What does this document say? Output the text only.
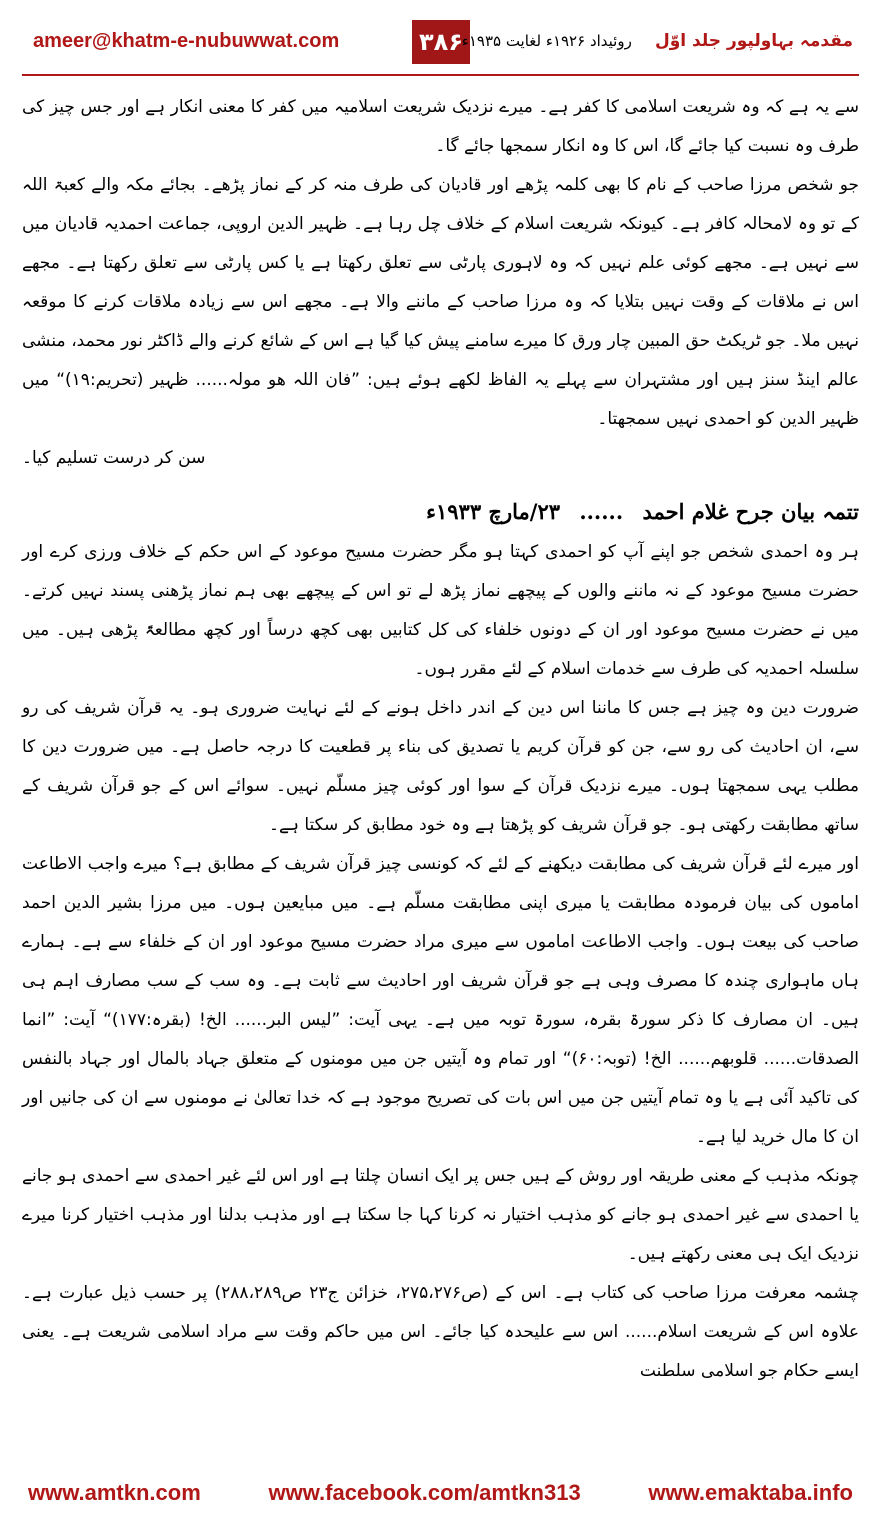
ameer@khatm-e-nubuwwat.com	۳۸۶	مقدمہ بہاولپور جلد اوّل روئیداد ۱۹۲۶ء لغایت ۱۹۳۵ء

سے یہ ہے کہ وہ شریعت اسلامی کا کفر ہے۔ میرے نزدیک شریعت اسلامیہ میں کفر کا معنی انکار ہے اور جس چیز کی طرف وہ نسبت کیا جائے گا، اس کا وہ انکار سمجھا جائے گا۔

جو شخص مرزا صاحب کے نام کا بھی کلمہ پڑھے اور قادیان کی طرف منہ کر کے نماز پڑھے۔ بجائے مکہ والے کعبۃ اللہ کے تو وہ لامحالہ کافر ہے۔ کیونکہ شریعت اسلام کے خلاف چل رہا ہے۔ ظہیر الدین اروپی، جماعت احمدیہ قادیان میں سے نہیں ہے۔ مجھے کوئی علم نہیں کہ وہ لاہوری پارٹی سے تعلق رکھتا ہے یا کس پارٹی سے تعلق رکھتا ہے۔ مجھے اس نے ملاقات کے وقت نہیں بتلایا کہ وہ مرزا صاحب کے ماننے والا ہے۔ مجھے اس سے زیادہ ملاقات کرنے کا موقعہ نہیں ملا۔ جو ٹریکٹ حق المبین چار ورق کا میرے سامنے پیش کیا گیا ہے اس کے شائع کرنے والے ڈاکٹر نور محمد، منشی عالم اینڈ سنز ہیں اور مشتہران سے پہلے یہ الفاظ لکھے ہوئے ہیں: ”فان اللہ ھو مولہ...... ظہیر (تحریم:۱۹)“ میں ظہیر الدین کو احمدی نہیں سمجھتا۔

سن کر درست تسلیم کیا۔
تتمہ بیان جرح غلام احمد ...... ۲۳/مارچ ۱۹۳۳ء

ہر وہ احمدی شخص جو اپنے آپ کو احمدی کہتا ہو مگر حضرت مسیح موعود کے اس حکم کے خلاف ورزی کرے اور حضرت مسیح موعود کے نہ ماننے والوں کے پیچھے نماز پڑھ لے تو اس کے پیچھے بھی ہم نماز پڑھنی پسند نہیں کرتے۔ میں نے حضرت مسیح موعود اور ان کے دونوں خلفاء کی کل کتابیں بھی کچھ درساً اور کچھ مطالعۃً پڑھی ہیں۔ میں سلسلہ احمدیہ کی طرف سے خدمات اسلام کے لئے مقرر ہوں۔

ضرورت دین وہ چیز ہے جس کا ماننا اس دین کے اندر داخل ہونے کے لئے نہایت ضروری ہو۔ یہ قرآن شریف کی رو سے، ان احادیث کی رو سے، جن کو قرآن کریم یا تصدیق کی بناء پر قطعیت کا درجہ حاصل ہے۔ میں ضرورت دین کا مطلب یہی سمجھتا ہوں۔ میرے نزدیک قرآن کے سوا اور کوئی چیز مسلّم نہیں۔ سوائے اس کے جو قرآن شریف کے ساتھ مطابقت رکھتی ہو۔ جو قرآن شریف کو پڑھتا ہے وہ خود مطابق کر سکتا ہے۔

اور میرے لئے قرآن شریف کی مطابقت دیکھنے کے لئے کہ کونسی چیز قرآن شریف کے مطابق ہے؟ میرے واجب الاطاعت اماموں کی بیان فرمودہ مطابقت یا میری اپنی مطابقت مسلّم ہے۔ میں مبایعین ہوں۔ میں مرزا بشیر الدین احمد صاحب کی بیعت ہوں۔ واجب الاطاعت اماموں سے میری مراد حضرت مسیح موعود اور ان کے خلفاء سے ہے۔ ہمارے ہاں ماہواری چندہ کا مصرف وہی ہے جو قرآن شریف اور احادیث سے ثابت ہے۔ وہ سب کے سب مصارف اہم ہی ہیں۔ ان مصارف کا ذکر سورۃ بقرہ، سورۃ توبہ میں ہے۔ یہی آیت: ”لیس البر...... الخ! (بقرہ:۱۷۷)“ آیت: ”انما الصدقات...... قلوبھم...... الخ! (توبہ:۶۰)“ اور تمام وہ آیتیں جن میں مومنوں کے متعلق جہاد بالمال اور جہاد بالنفس کی تاکید آئی ہے یا وہ تمام آیتیں جن میں اس بات کی تصریح موجود ہے کہ خدا تعالیٰ نے مومنوں سے ان کی جانیں اور ان کا مال خرید لیا ہے۔

چونکہ مذہب کے معنی طریقہ اور روش کے ہیں جس پر ایک انسان چلتا ہے اور اس لئے غیر احمدی سے احمدی ہو جانے یا احمدی سے غیر احمدی ہو جانے کو مذہب اختیار نہ کرنا کہا جا سکتا ہے اور مذہب بدلنا اور مذہب اختیار کرنا میرے نزدیک ایک ہی معنی رکھتے ہیں۔

چشمہ معرفت مرزا صاحب کی کتاب ہے۔ اس کے (ص۲۷۵،۲۷۶، خزائن ج۲۳ ص۲۸۸،۲۸۹) پر حسب ذیل عبارت ہے۔ علاوہ اس کے شریعت اسلام...... اس سے علیحدہ کیا جائے۔ اس میں حاکم وقت سے مراد اسلامی شریعت ہے۔ یعنی ایسے حکام جو اسلامی سلطنت

www.amtkn.com	www.facebook.com/amtkn313	www.emaktaba.info
